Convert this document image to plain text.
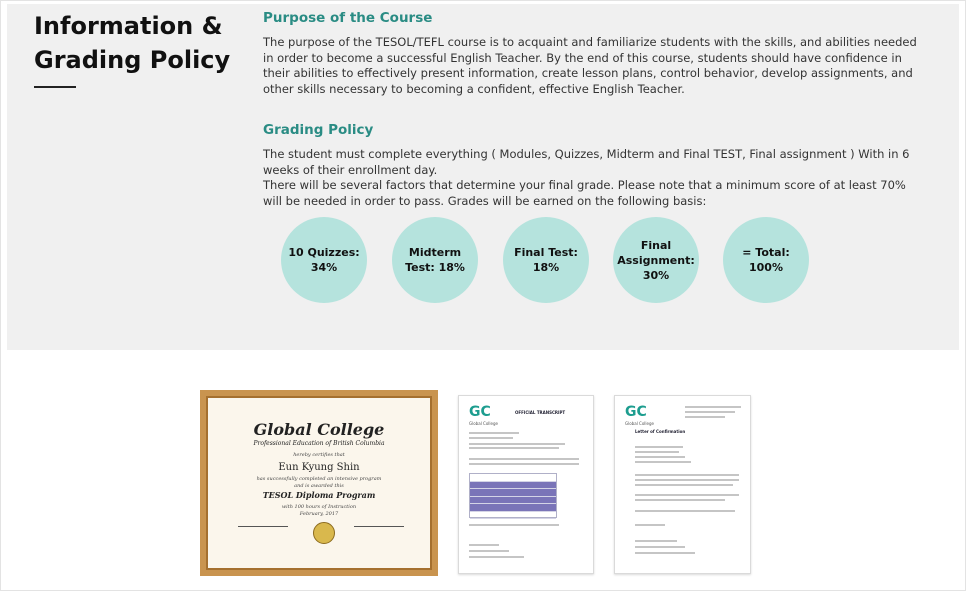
Information &
Grading Policy
Purpose of the Course
The purpose of the TESOL/TEFL course is to acquaint and familiarize students with the skills, and abilities needed in order to become a successful English Teacher. By the end of this course, students should have confidence in their abilities to effectively present information, create lesson plans, control behavior, develop assignments, and other skills necessary to becoming a confident, effective English Teacher.
Grading Policy
The student must complete everything ( Modules, Quizzes, Midterm and Final TEST, Final assignment ) With in 6 weeks of their enrollment day.
There will be several factors that determine your final grade. Please note that a minimum score of at least 70% will be needed in order to pass. Grades will be earned on the following basis:
10 Quizzes: 34%
Midterm Test: 18%
Final Test: 18%
Final Assignment: 30%
= Total: 100%
Global College
Professional Education of British Columbia
hereby certifies that
Eun Kyung Shin
has successfully completed an intensive program
and is awarded this
TESOL Diploma Program
with 100 hours of Instruction
February, 2017
GC
Global College
OFFICIAL TRANSCRIPT	GC
Global College
Letter of Confirmation
